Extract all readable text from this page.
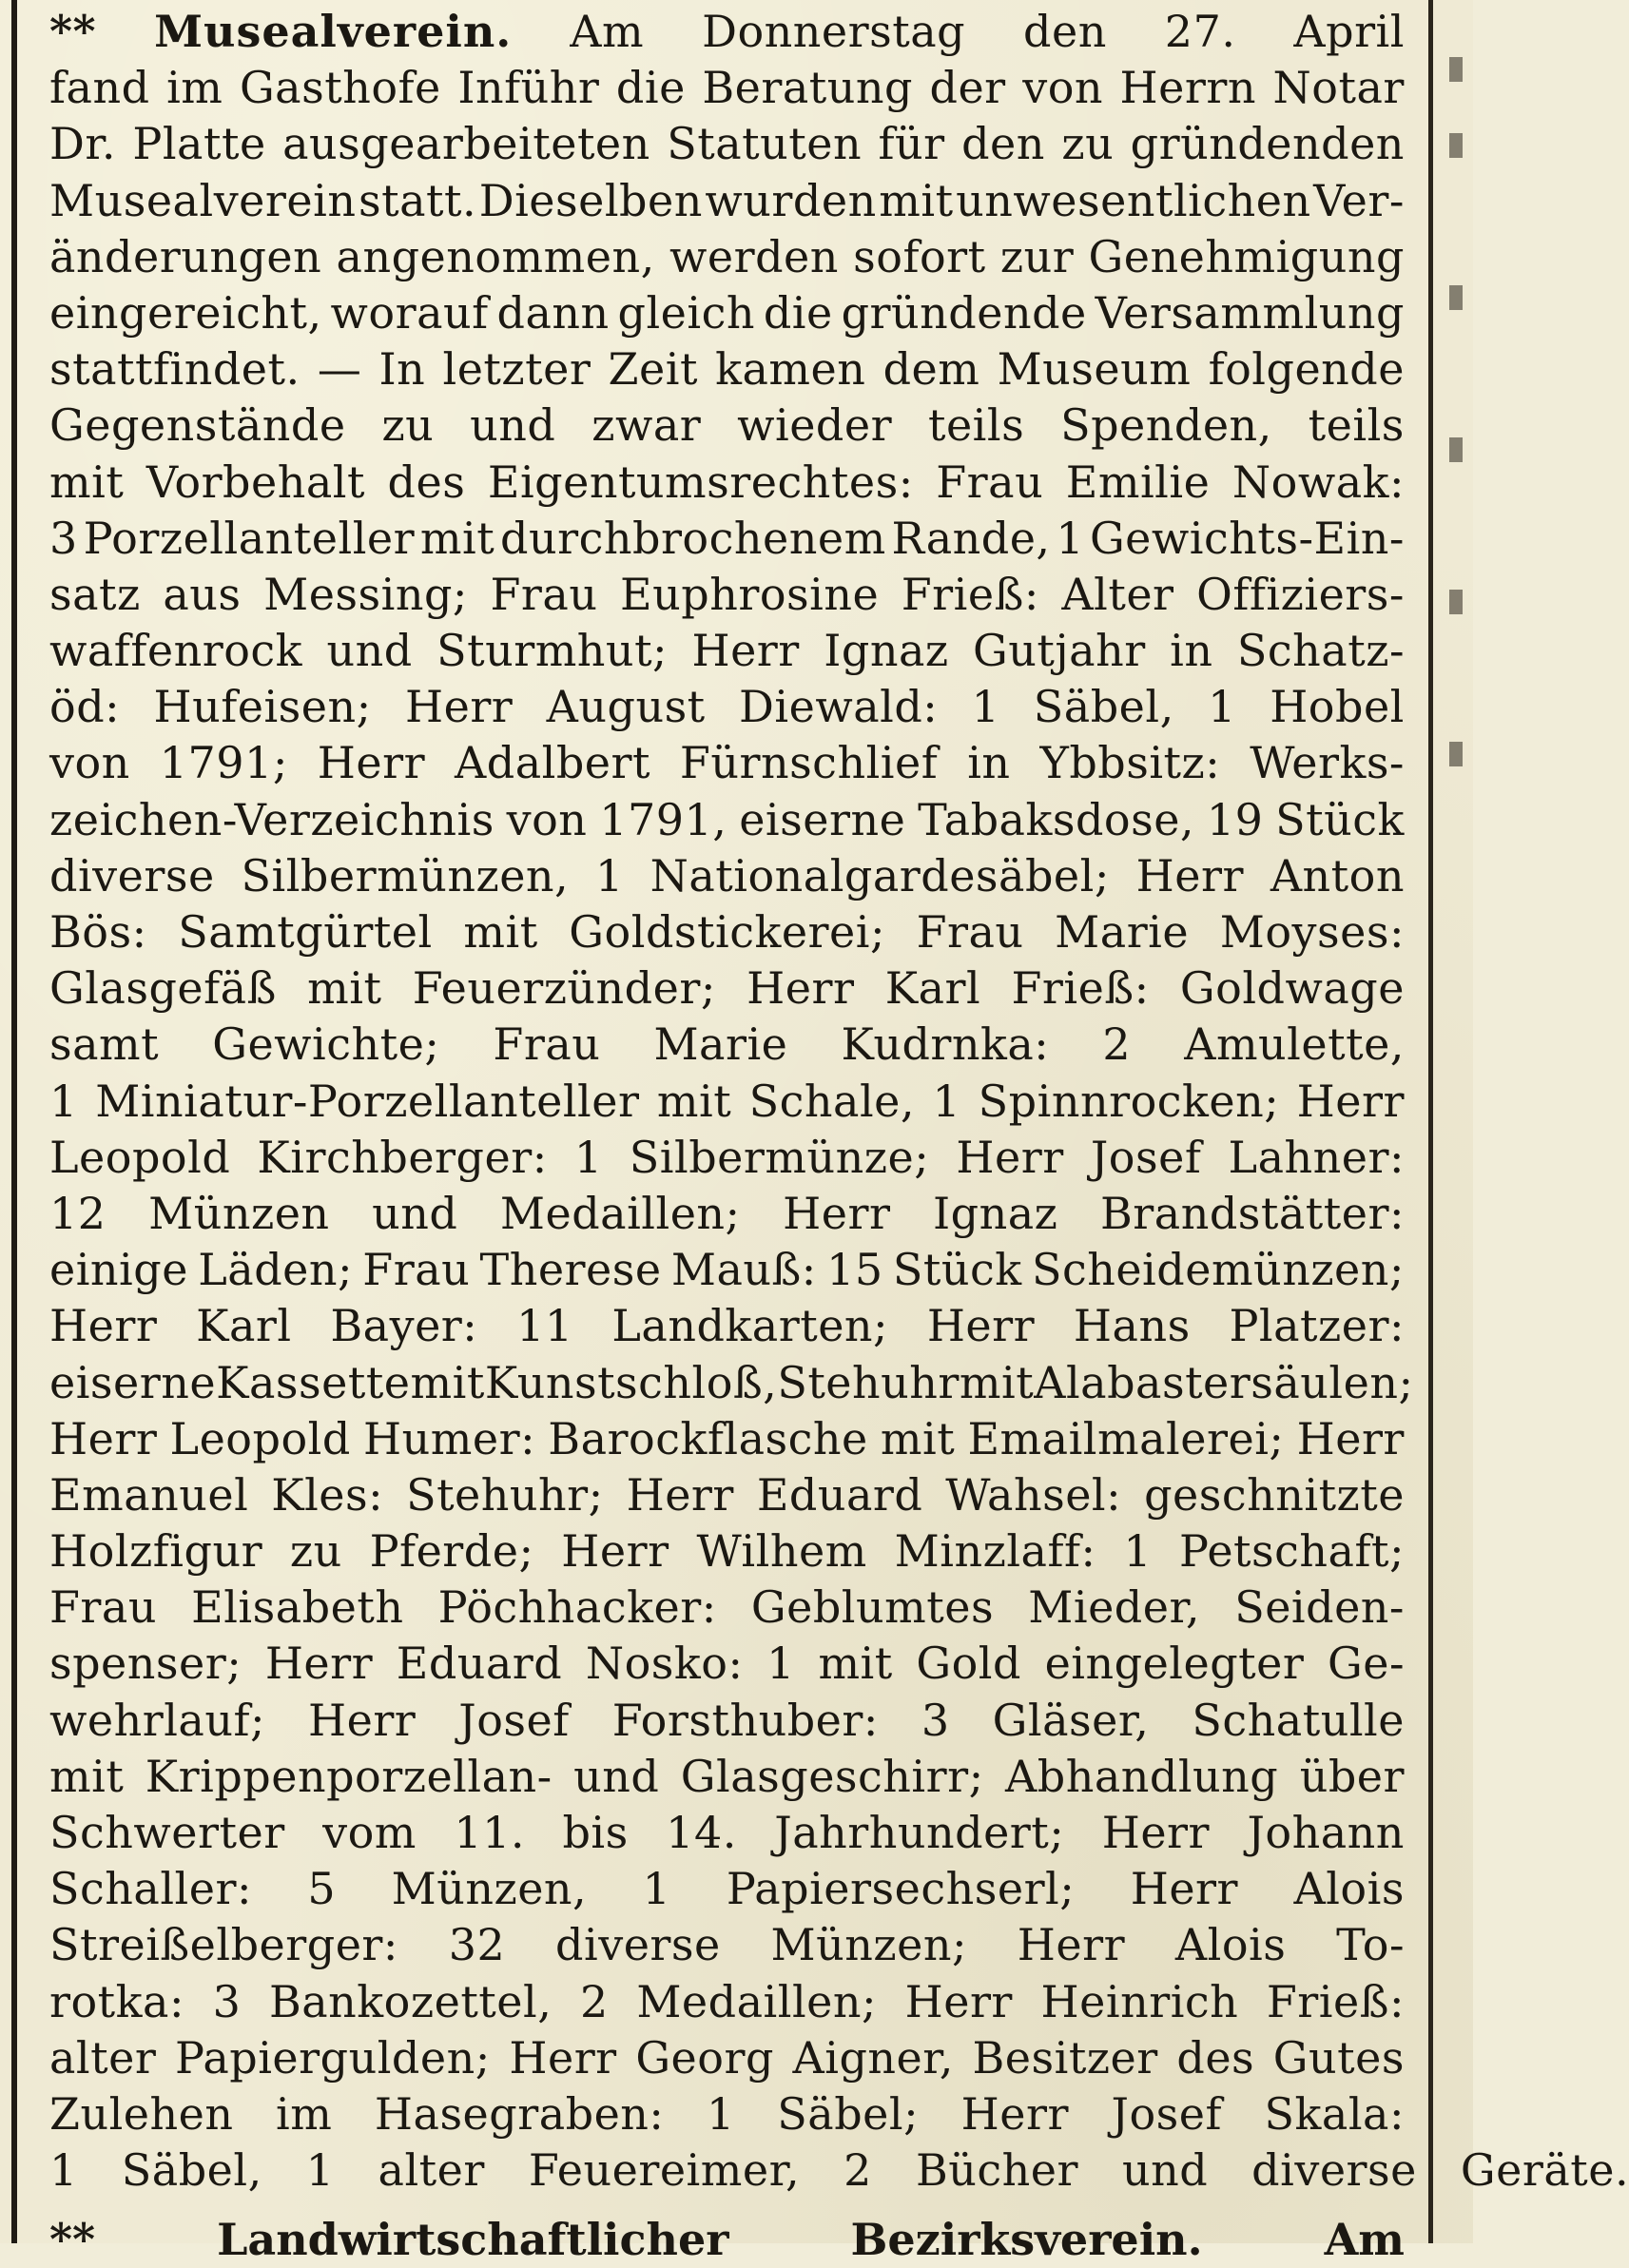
** Musealverein. Am Donnerstag den 27. April
fand im Gasthofe Inführ die Beratung der von Herrn Notar
Dr. Platte ausgearbeiteten Statuten für den zu gründenden
Musealverein statt. Dieselben wurden mit unwesentlichen Ver-
änderungen angenommen, werden sofort zur Genehmigung
eingereicht, worauf dann gleich die gründende Versammlung
stattfindet. — In letzter Zeit kamen dem Museum folgende
Gegenstände zu und zwar wieder teils Spenden, teils
mit Vorbehalt des Eigentumsrechtes: Frau Emilie Nowak:
3 Porzellanteller mit durchbrochenem Rande, 1 Gewichts-Ein-
satz aus Messing; Frau Euphrosine Frieß: Alter Offiziers-
waffenrock und Sturmhut; Herr Ignaz Gutjahr in Schatz-
öd: Hufeisen; Herr August Diewald: 1 Säbel, 1 Hobel
von 1791; Herr Adalbert Fürnschlief in Ybbsitz: Werks-
zeichen-Verzeichnis von 1791, eiserne Tabaksdose, 19 Stück
diverse Silbermünzen, 1 Nationalgardesäbel; Herr Anton
Bös: Samtgürtel mit Goldstickerei; Frau Marie Moyses:
Glasgefäß mit Feuerzünder; Herr Karl Frieß: Goldwage
samt Gewichte; Frau Marie Kudrnka: 2 Amulette,
1 Miniatur-Porzellanteller mit Schale, 1 Spinnrocken; Herr
Leopold Kirchberger: 1 Silbermünze; Herr Josef Lahner:
12 Münzen und Medaillen; Herr Ignaz Brandstätter:
einige Läden; Frau Therese Mauß: 15 Stück Scheidemünzen;
Herr Karl Bayer: 11 Landkarten; Herr Hans Platzer:
eiserne Kassette mit Kunstschloß, Stehuhr mit Alabastersäulen;
Herr Leopold Humer: Barockflasche mit Emailmalerei; Herr
Emanuel Kles: Stehuhr; Herr Eduard Wahsel: geschnitzte
Holzfigur zu Pferde; Herr Wilhem Minzlaff: 1 Petschaft;
Frau Elisabeth Pöchhacker: Geblumtes Mieder, Seiden-
spenser; Herr Eduard Nosko: 1 mit Gold eingelegter Ge-
wehrlauf; Herr Josef Forsthuber: 3 Gläser, Schatulle
mit Krippenporzellan- und Glasgeschirr; Abhandlung über
Schwerter vom 11. bis 14. Jahrhundert; Herr Johann
Schaller: 5 Münzen, 1 Papiersechserl; Herr Alois
Streißelberger: 32 diverse Münzen; Herr Alois To-
rotka: 3 Bankozettel, 2 Medaillen; Herr Heinrich Frieß:
alter Papiergulden; Herr Georg Aigner, Besitzer des Gutes
Zulehen im Hasegraben: 1 Säbel; Herr Josef Skala:
1 Säbel, 1 alter Feuereimer, 2 Bücher und diverse Geräte.
**	Landwirtschaftlicher	Bezirksverein.	Am
